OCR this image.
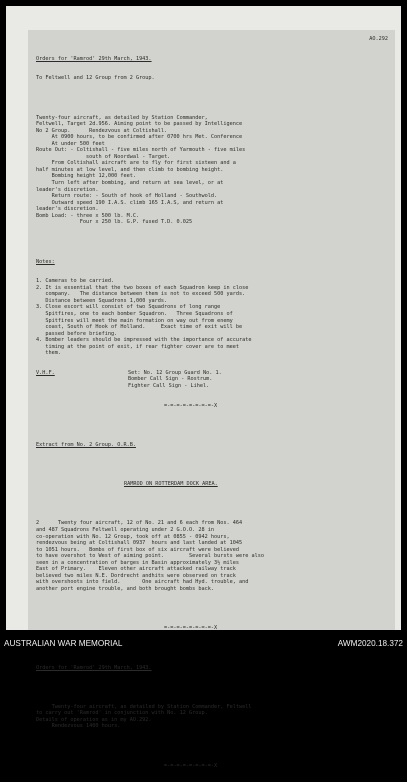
AO.292

Orders for 'Ramrod' 29th March, 1943.

To Feltwell and 12 Group from 2 Group.

Twenty-four aircraft, as detailed by Station Commander,
Feltwell, Target 2d.956. Aiming point to be passed by Intelligence
No 2 Group.      Rendezvous at Coltishall.
At 0900 hours, to be confirmed after 0700 hrs Met. Conference
At under 500 feet
Route Out: - Coltishall - five miles north of Yarmouth - five miles
south of Noordwal - Target.
From Coltishall aircraft are to fly for first sixteen and a
half minutes at low level, and then climb to bombing height.
Bombing height 12,000 feet.
Turn left after bombing, and return at sea level, or at
leader's discretion.
Return route: - South of hook of Holland - Southwold.
Outward speed 190 I.A.S. climb 165 I.A.S, and return at
leader's discretion.
Bomb Load: - three x 500 lb. M.C.
Four x 250 lb. G.P. fused T.D. 0.025

Notes:

1. Cameras to be carried.
2. It is essential that the two boxes of each Squadron keep in close
company.   The distance between them is not to exceed 500 yards.
Distance between Squadrons 1,000 yards.
3. Close escort will consist of two Squadrons of long range
Spitfires, one to each bomber Squadron.   Three Squadrons of
Spitfires will meet the main formation on way out from enemy
coast, South of Hook of Holland.     Exact time of exit will be
passed before briefing.
4. Bomber leaders should be impressed with the importance of accurate
timing at the point of exit, if rear fighter cover are to meet
them.

V.H.F.

	Set: No. 12 Group Guard No. 1.
Bomber Call Sign - Rostrum.
Fighter Call Sign - Lihel.

=-=-=-=-=-=-=-=-X

Extract from No. 2 Group. O.R.B.

RAMROD ON ROTTERDAM DOCK AREA.

2      Twenty four aircraft, 12 of No. 21 and 6 each from Nos. 464
and 487 Squadrons Feltwell operating under 2 G.O.O. 28 in
co-operation with No. 12 Group, took off at 0855 - 0942 hours,
rendezvous being at Coltishall 0937  hours and last landed at 1045
to 1051 hours.   Bombs of first box of six aircraft were believed
to have overshot to West of aiming point.        Several bursts were also
seen in a concentration of barges in Basin approximately 3½ miles
East of Primary.    Eleven other aircraft attacked railway track
believed two miles N.E. Dordrecht andhits were observed on track
with overshoots into field.       One aircraft had Hyd. trouble, and
another port engine trouble, and both brought bombs back.

=-=-=-=-=-=-=-=-X

Orders for 'Ramrod' 29th March, 1943.

Twenty-four aircraft, as detailed by Station Commander, Feltwell
to carry out 'Ramrod' in conjunction with No. 12 Group.
Details of operation as in my AO.292.
Rendezvous 1400 hours.

=-=-=-=-=-=-=-=-X

AUSTRALIAN WAR MEMORIAL	AWM2020.18.372
